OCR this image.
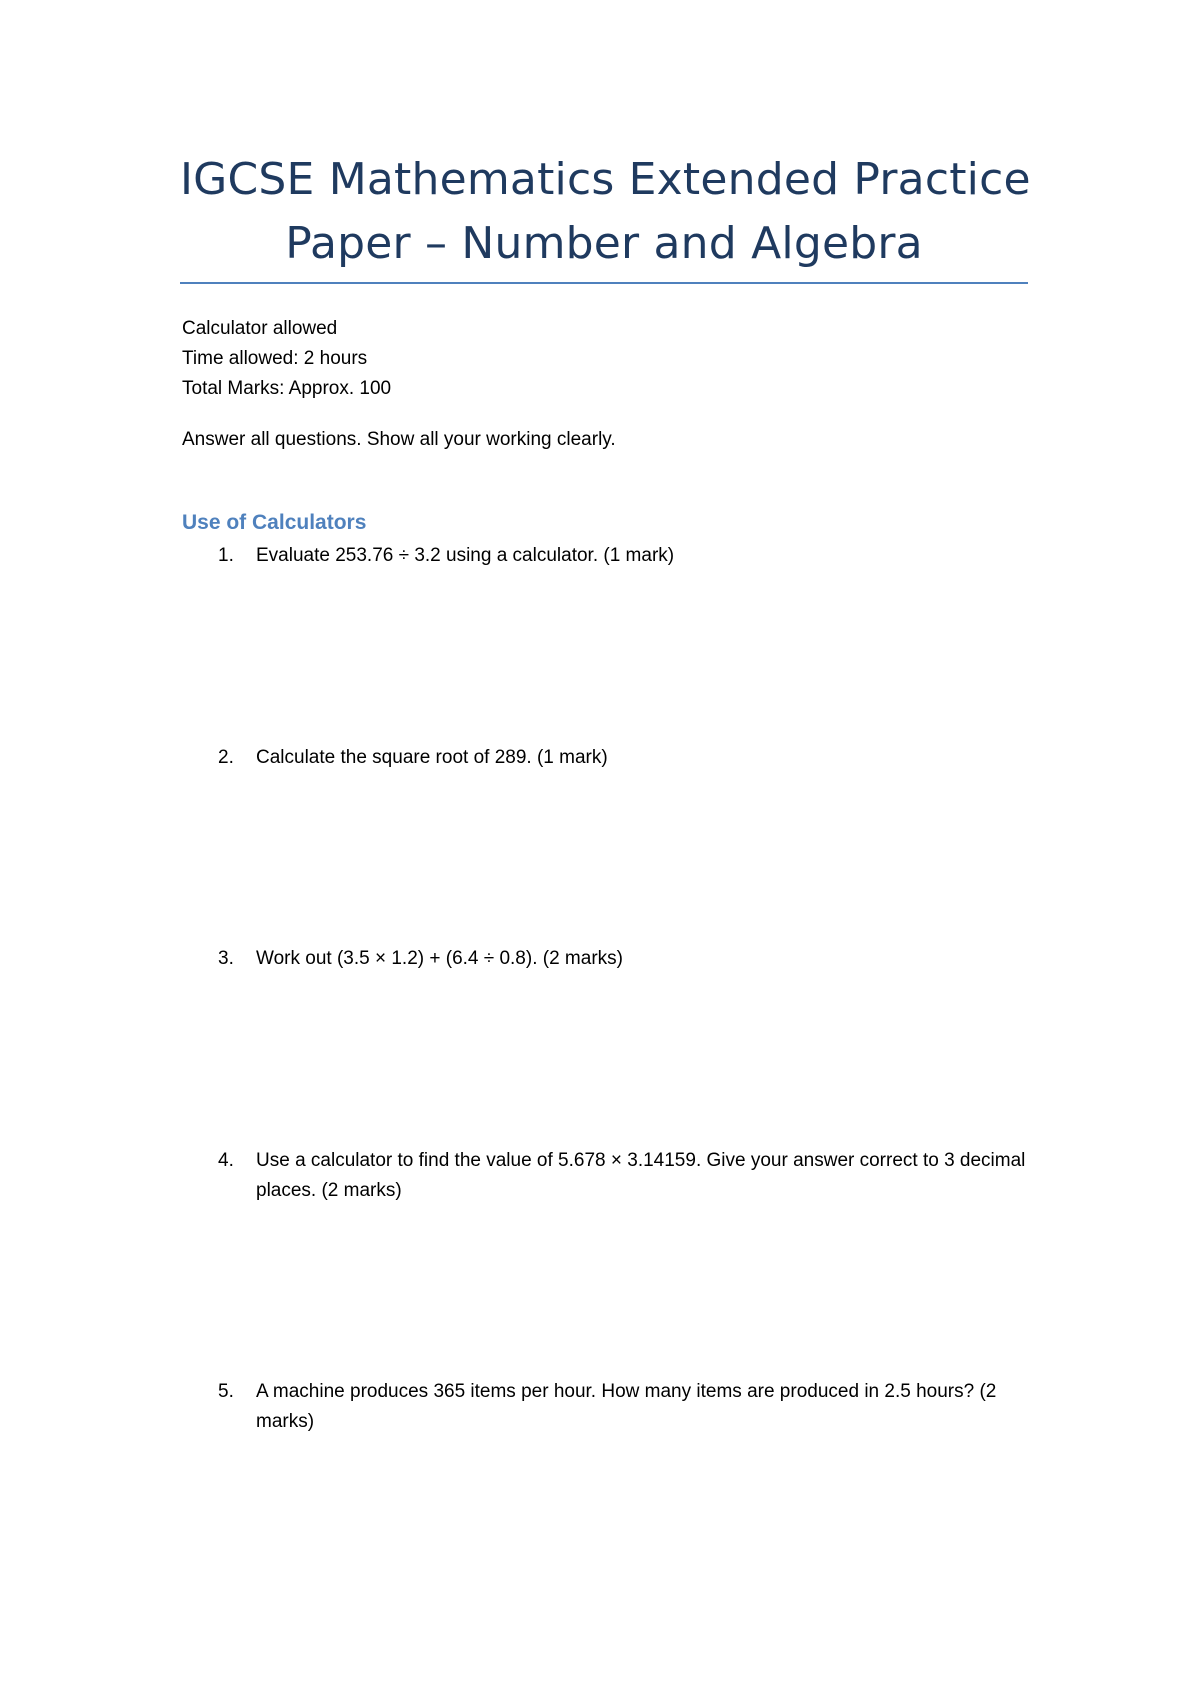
IGCSE Mathematics Extended Practice
Paper – Number and Algebra
Calculator allowed
Time allowed: 2 hours
Total Marks: Approx. 100
Answer all questions. Show all your working clearly.
Use of Calculators
1.	Evaluate 253.76 ÷ 3.2 using a calculator. (1 mark)
2.	Calculate the square root of 289. (1 mark)
3.	Work out (3.5 × 1.2) + (6.4 ÷ 0.8). (2 marks)
4.	Use a calculator to find the value of 5.678 × 3.14159. Give your answer correct to 3 decimal places. (2 marks)
5.	A machine produces 365 items per hour. How many items are produced in 2.5 hours? (2 marks)
